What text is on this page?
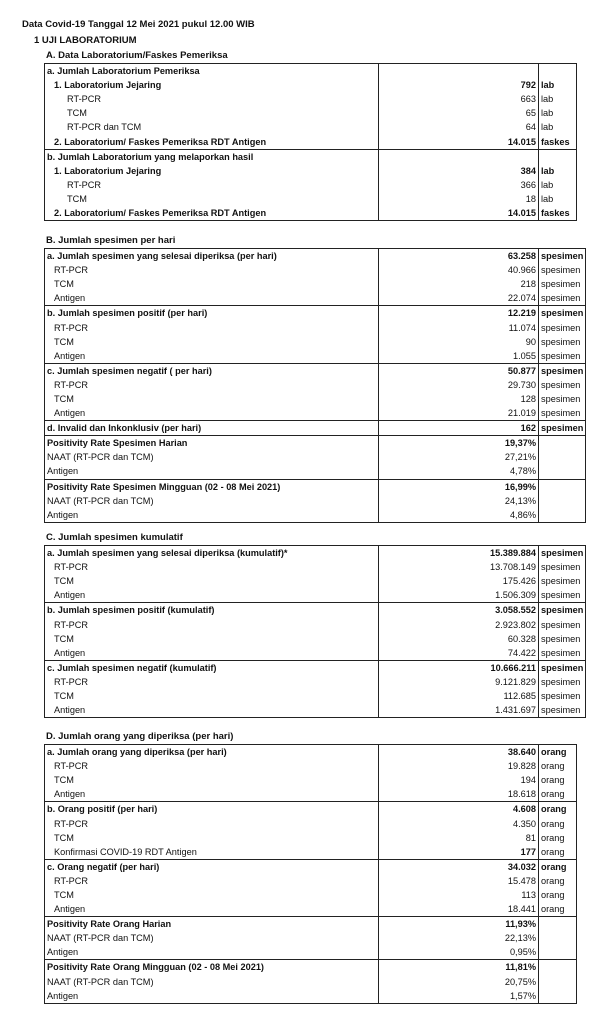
Data Covid-19 Tanggal 12 Mei 2021 pukul 12.00 WIB
1 UJI LABORATORIUM
A. Data Laboratorium/Faskes Pemeriksa
a. Jumlah Laboratorium Pemeriksa		
1. Laboratorium Jejaring	792	lab
RT-PCR	663	lab
TCM	65	lab
RT-PCR dan TCM	64	lab
2. Laboratorium/ Faskes Pemeriksa RDT Antigen	14.015	faskes
b. Jumlah Laboratorium yang melaporkan hasil		
1. Laboratorium Jejaring	384	lab
RT-PCR	366	lab
TCM	18	lab
2. Laboratorium/ Faskes Pemeriksa RDT Antigen	14.015	faskes
B. Jumlah spesimen per hari
a. Jumlah spesimen yang selesai diperiksa (per hari)	63.258	spesimen
RT-PCR	40.966	spesimen
TCM	218	spesimen
Antigen	22.074	spesimen
b. Jumlah spesimen positif (per hari)	12.219	spesimen
RT-PCR	11.074	spesimen
TCM	90	spesimen
Antigen	1.055	spesimen
c. Jumlah spesimen negatif ( per hari)	50.877	spesimen
RT-PCR	29.730	spesimen
TCM	128	spesimen
Antigen	21.019	spesimen
d. Invalid dan Inkonklusiv (per hari)	162	spesimen
Positivity Rate Spesimen Harian	19,37%	
NAAT (RT-PCR dan TCM)	27,21%	
Antigen	4,78%	
Positivity Rate Spesimen Mingguan (02 - 08 Mei 2021)	16,99%	
NAAT (RT-PCR dan TCM)	24,13%	
Antigen	4,86%	
C. Jumlah spesimen kumulatif
a. Jumlah spesimen yang selesai diperiksa (kumulatif)*	15.389.884	spesimen
RT-PCR	13.708.149	spesimen
TCM	175.426	spesimen
Antigen	1.506.309	spesimen
b. Jumlah spesimen positif (kumulatif)	3.058.552	spesimen
RT-PCR	2.923.802	spesimen
TCM	60.328	spesimen
Antigen	74.422	spesimen
c. Jumlah spesimen negatif (kumulatif)	10.666.211	spesimen
RT-PCR	9.121.829	spesimen
TCM	112.685	spesimen
Antigen	1.431.697	spesimen
D. Jumlah orang yang diperiksa (per hari)
a. Jumlah orang yang diperiksa (per hari)	38.640	orang
RT-PCR	19.828	orang
TCM	194	orang
Antigen	18.618	orang
b. Orang positif (per hari)	4.608	orang
RT-PCR	4.350	orang
TCM	81	orang
Konfirmasi COVID-19 RDT Antigen	177	orang
c. Orang negatif (per hari)	34.032	orang
RT-PCR	15.478	orang
TCM	113	orang
Antigen	18.441	orang
Positivity Rate Orang Harian	11,93%	
NAAT (RT-PCR dan TCM)	22,13%	
Antigen	0,95%	
Positivity Rate Orang Mingguan (02 - 08 Mei 2021)	11,81%	
NAAT (RT-PCR dan TCM)	20,75%	
Antigen	1,57%	
